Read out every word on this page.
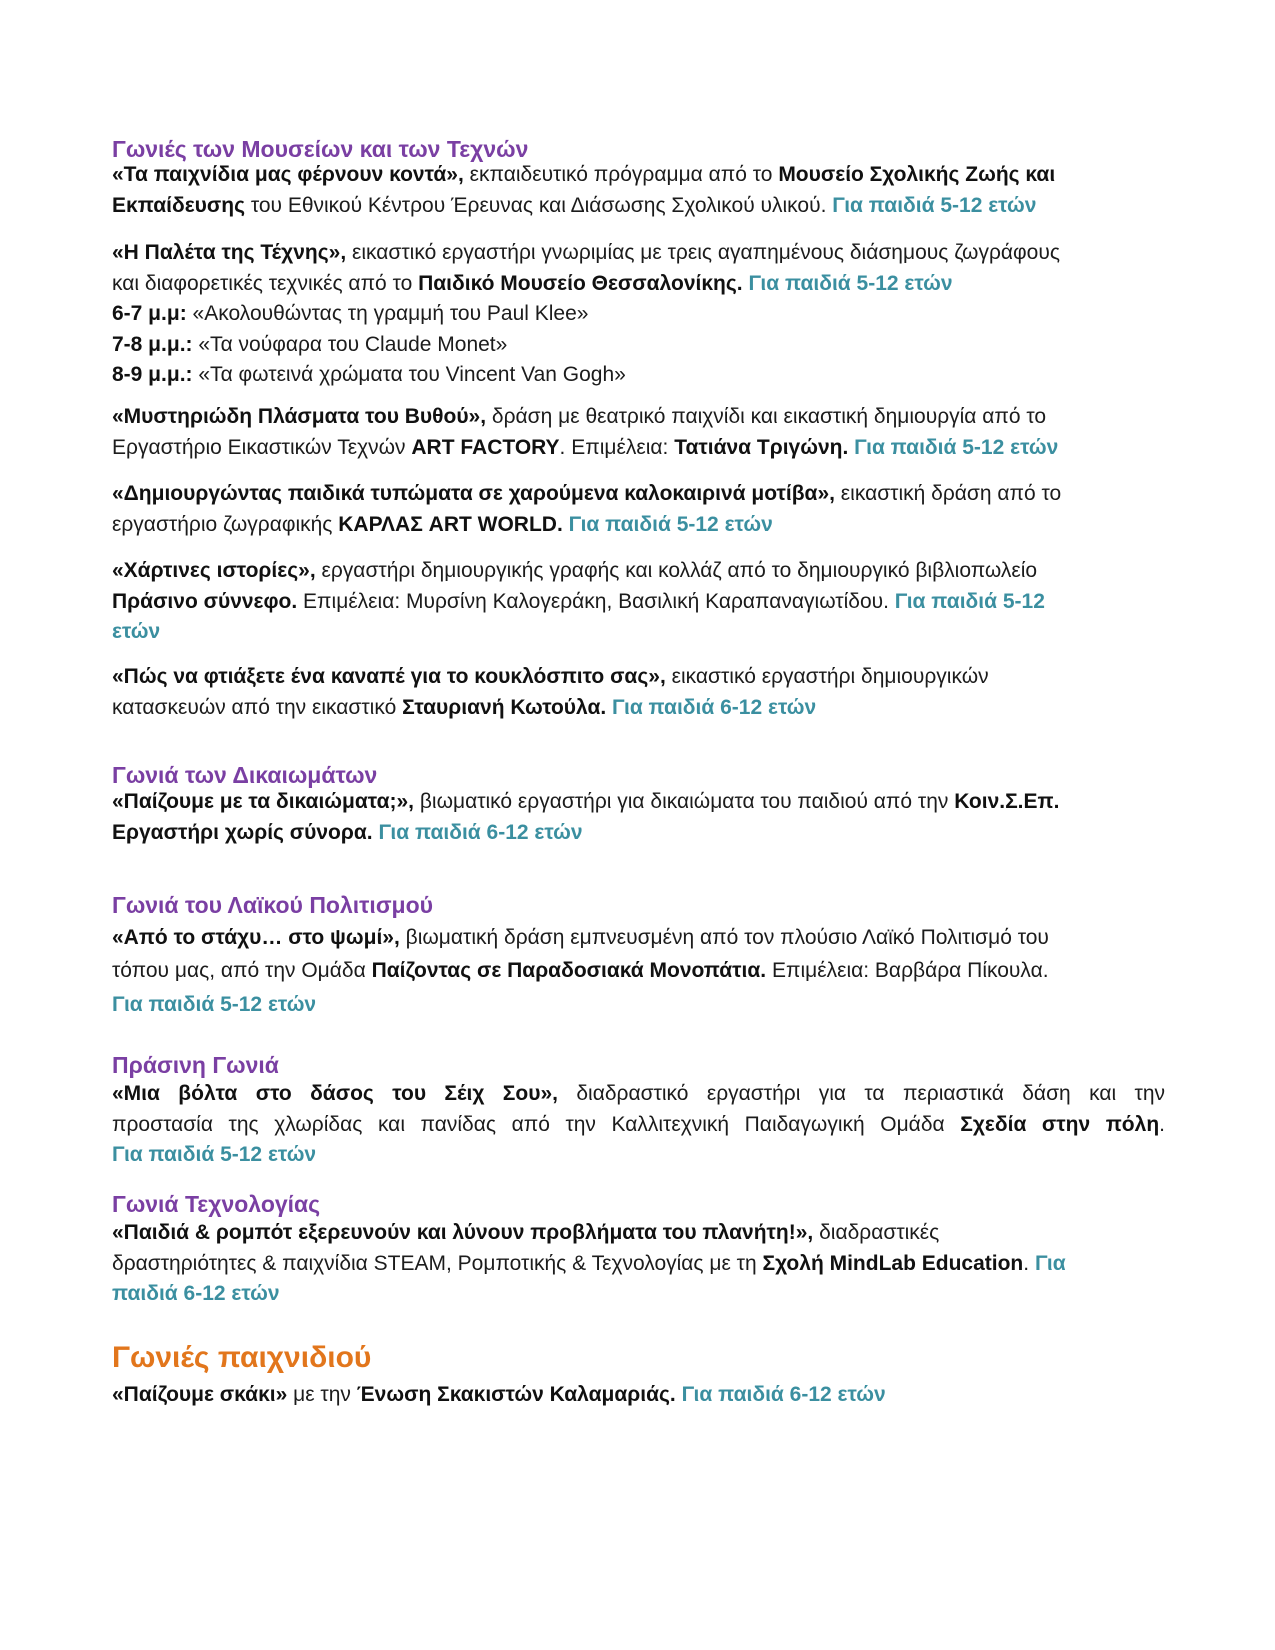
Γωνιές των Μουσείων και των Τεχνών
«Τα παιχνίδια μας φέρνουν κοντά», εκπαιδευτικό πρόγραμμα από το Μουσείο Σχολικής Ζωής και
Εκπαίδευσης του Εθνικού Κέντρου Έρευνας και Διάσωσης Σχολικού υλικού. Για παιδιά 5-12 ετών
«Η Παλέτα της Τέχνης», εικαστικό εργαστήρι γνωριμίας με τρεις αγαπημένους διάσημους ζωγράφους
και διαφορετικές τεχνικές από το Παιδικό Μουσείο Θεσσαλονίκης. Για παιδιά 5-12 ετών
6-7 μ.μ: «Ακολουθώντας τη γραμμή του Paul Klee»
7-8 μ.μ.: «Τα νούφαρα του Claude Monet»
8-9 μ.μ.: «Τα φωτεινά χρώματα του Vincent Van Gogh»
«Μυστηριώδη Πλάσματα του Βυθού», δράση με θεατρικό παιχνίδι και εικαστική δημιουργία από το
Εργαστήριο Εικαστικών Τεχνών ART FACTORY. Επιμέλεια: Τατιάνα Τριγώνη. Για παιδιά 5-12 ετών
«Δημιουργώντας παιδικά τυπώματα σε χαρούμενα καλοκαιρινά μοτίβα», εικαστική δράση από το
εργαστήριο ζωγραφικής ΚΑΡΛΑΣ ART WORLD. Για παιδιά 5-12 ετών
«Χάρτινες ιστορίες», εργαστήρι δημιουργικής γραφής και κολλάζ από το δημιουργικό βιβλιοπωλείο
Πράσινο σύννεφο. Επιμέλεια: Μυρσίνη Καλογεράκη, Βασιλική Καραπαναγιωτίδου. Για παιδιά 5-12
ετών
«Πώς να φτιάξετε ένα καναπέ για το κουκλόσπιτο σας», εικαστικό εργαστήρι δημιουργικών
κατασκευών από την εικαστικό Σταυριανή Κωτούλα. Για παιδιά 6-12 ετών
Γωνιά των Δικαιωμάτων
«Παίζουμε με τα δικαιώματα;», βιωματικό εργαστήρι για δικαιώματα του παιδιού από την Κοιν.Σ.Επ.
Εργαστήρι χωρίς σύνορα. Για παιδιά 6-12 ετών
Γωνιά του Λαϊκού Πολιτισμού
«Από το στάχυ… στο ψωμί», βιωματική δράση εμπνευσμένη από τον πλούσιο Λαϊκό Πολιτισμό του
τόπου μας, από την Ομάδα Παίζοντας σε Παραδοσιακά Μονοπάτια. Επιμέλεια: Βαρβάρα Πίκουλα.
Για παιδιά 5-12 ετών
Πράσινη Γωνιά
«Μια βόλτα στο δάσος του Σέιχ Σου», διαδραστικό εργαστήρι για τα περιαστικά δάση και την
προστασία της χλωρίδας και πανίδας από την Καλλιτεχνική Παιδαγωγική Ομάδα Σχεδία στην πόλη.
Για παιδιά 5-12 ετών
Γωνιά Τεχνολογίας
«Παιδιά & ρομπότ εξερευνούν και λύνουν προβλήματα του πλανήτη!», διαδραστικές
δραστηριότητες & παιχνίδια STEAM, Ρομποτικής & Τεχνολογίας με τη Σχολή MindLab Education. Για
παιδιά 6-12 ετών
Γωνιές παιχνιδιού
«Παίζουμε σκάκι» με την Ένωση Σκακιστών Καλαμαριάς. Για παιδιά 6-12 ετών
